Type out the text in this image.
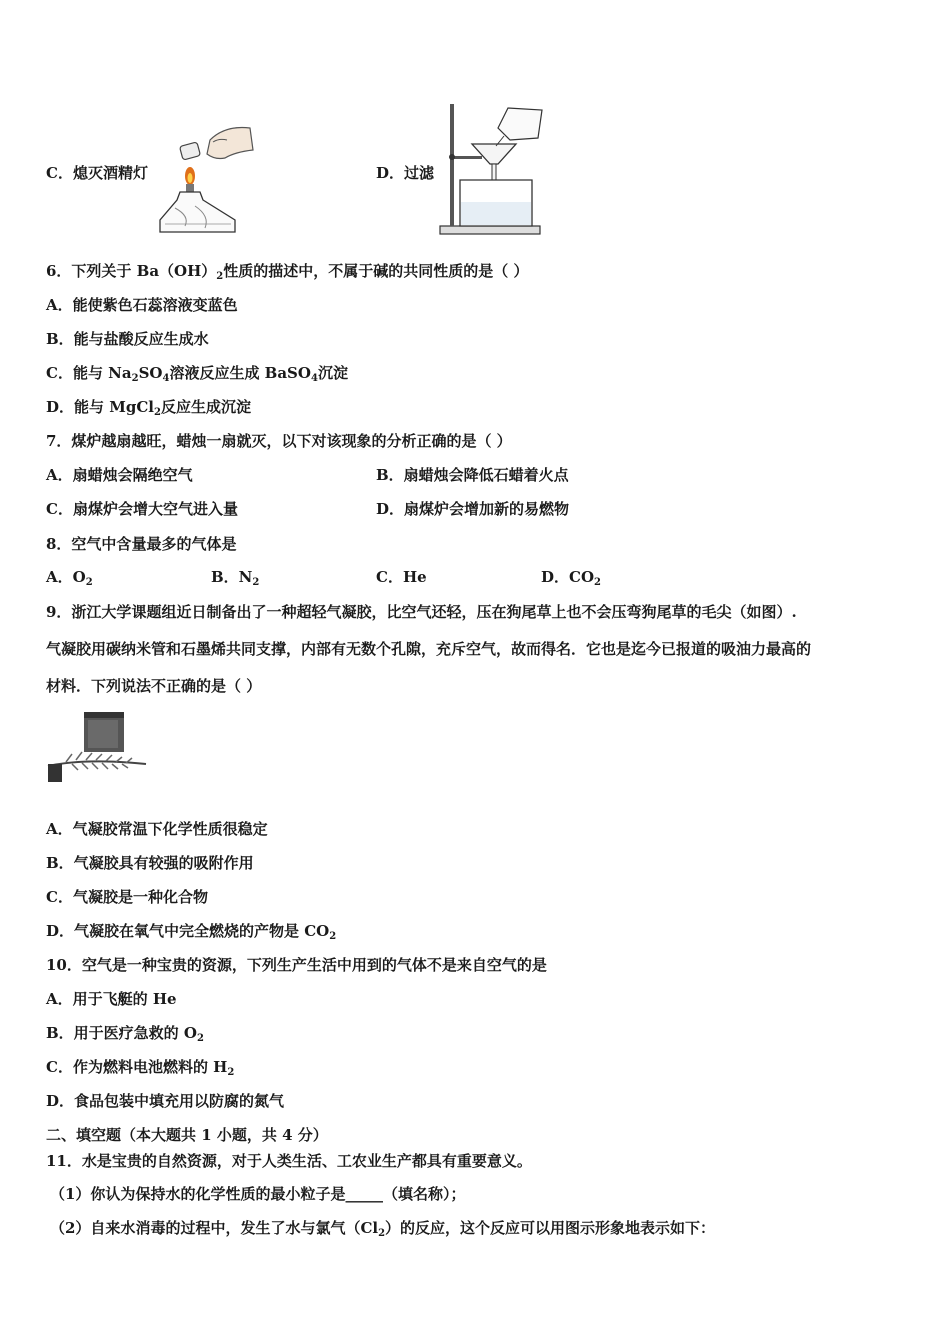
C．熄灭酒精灯	D．过滤
6．下列关于 $Ba(OH)_2$性质的描述中，不属于碱的共同性质的是（ ）
A．能使紫色石蕊溶液变蓝色
B．能与盐酸反应生成水
C．能与 $Na_2SO_4$溶液反应生成 BaSO$_4$沉淀
D．能与 MgCl$_2$反应生成沉淀
7．煤炉越扇越旺，蜡烛一扇就灭，以下对该现象的分析正确的是（ ）
A．扇蜡烛会隔绝空气	B．扇蜡烛会降低石蜡着火点
C．扇煤炉会增大空气进入量	D．扇煤炉会增加新的易燃物
8．空气中含量最多的气体是
A．$O_2$	B．$N_2$	C．He	D．$CO_2$
9．浙江大学课题组近日制备出了一种超轻气凝胶，比空气还轻，压在狗尾草上也不会压弯狗尾草的毛尖（如图）.
气凝胶用碳纳米管和石墨烯共同支撑，内部有无数个孔隙，充斥空气，故而得名．它也是迄今已报道的吸油力最高的
材料．下列说法不正确的是（ ）
A．气凝胶常温下化学性质很稳定
B．气凝胶具有较强的吸附作用
C．气凝胶是一种化合物
D．气凝胶在氧气中完全燃烧的产物是 $CO_2$
10．空气是一种宝贵的资源，下列生产生活中用到的气体不是来自空气的是
A．用于飞艇的 He
B．用于医疗急救的 $O_2$
C．作为燃料电池燃料的 $H_2$
D．食品包装中填充用以防腐的氮气
二、填空题（本大题共 1 小题，共 4 分）
11．水是宝贵的自然资源，对于人类生活、工农业生产都具有重要意义。
（1）你认为保持水的化学性质的最小粒子是_____（填名称）；
（2）自来水消毒的过程中，发生了水与氯气$(Cl_2)$的反应，这个反应可以用图示形象地表示如下：
